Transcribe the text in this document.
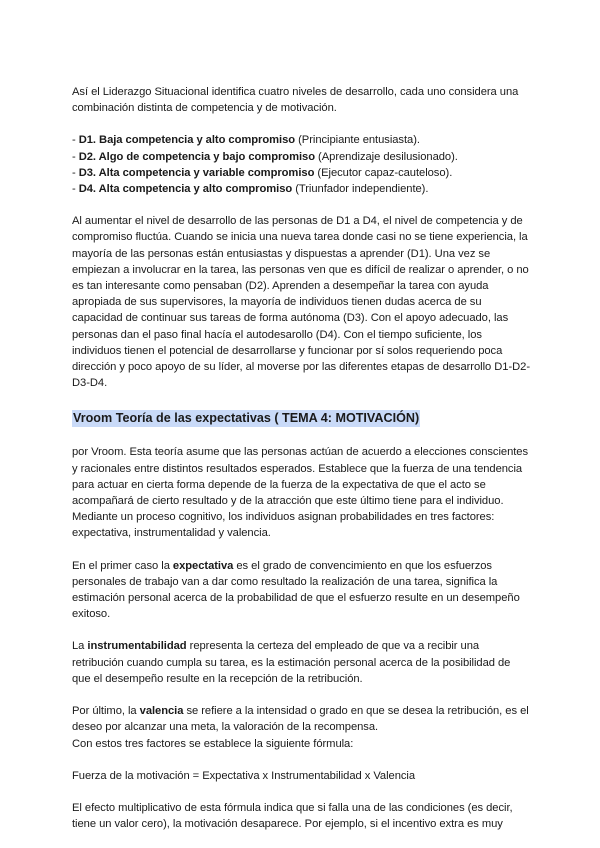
Así el Liderazgo Situacional identifica cuatro niveles de desarrollo, cada uno considera una combinación distinta de competencia y de motivación.

- D1. Baja competencia y alto compromiso (Principiante entusiasta).

- D2. Algo de competencia y bajo compromiso (Aprendizaje desilusionado).

- D3. Alta competencia y variable compromiso (Ejecutor capaz-cauteloso).

- D4. Alta competencia y alto compromiso (Triunfador independiente).

Al aumentar el nivel de desarrollo de las personas de D1 a D4, el nivel de competencia y de compromiso fluctúa. Cuando se inicia una nueva tarea donde casi no se tiene experiencia, la mayoría de las personas están entusiastas y dispuestas a aprender (D1). Una vez se empiezan a involucrar en la tarea, las personas ven que es difícil de realizar o aprender, o no es tan interesante como pensaban (D2). Aprenden a desempeñar la tarea con ayuda apropiada de sus supervisores, la mayoría de individuos tienen dudas acerca de su capacidad de continuar sus tareas de forma autónoma (D3). Con el apoyo adecuado, las personas dan el paso final hacía el autodesarollo (D4). Con el tiempo suficiente, los individuos tienen el potencial de desarrollarse y funcionar por sí solos requeriendo poca dirección y poco apoyo de su líder, al moverse por las diferentes etapas de desarrollo D1-D2-D3-D4.

Vroom Teoría de las expectativas ( TEMA 4: MOTIVACIÓN)

por Vroom. Esta teoría asume que las personas actúan de acuerdo a elecciones conscientes y racionales entre distintos resultados esperados. Establece que la fuerza de una tendencia para actuar en cierta forma depende de la fuerza de la expectativa de que el acto se acompañará de cierto resultado y de la atracción que este último tiene para el individuo. Mediante un proceso cognitivo, los individuos asignan probabilidades en tres factores: expectativa, instrumentalidad y valencia.

En el primer caso la expectativa es el grado de convencimiento en que los esfuerzos personales de trabajo van a dar como resultado la realización de una tarea, significa la estimación personal acerca de la probabilidad de que el esfuerzo resulte en un desempeño exitoso.

La instrumentabilidad representa la certeza del empleado de que va a recibir una retribución cuando cumpla su tarea, es la estimación personal acerca de la posibilidad de que el desempeño resulte en la recepción de la retribución.

Por último, la valencia se refiere a la intensidad o grado en que se desea la retribución, es el deseo por alcanzar una meta, la valoración de la recompensa.

Con estos tres factores se establece la siguiente fórmula:

Fuerza de la motivación = Expectativa x Instrumentabilidad x Valencia

El efecto multiplicativo de esta fórmula indica que si falla una de las condiciones (es decir, tiene un valor cero), la motivación desaparece. Por ejemplo, si el incentivo extra es muy
